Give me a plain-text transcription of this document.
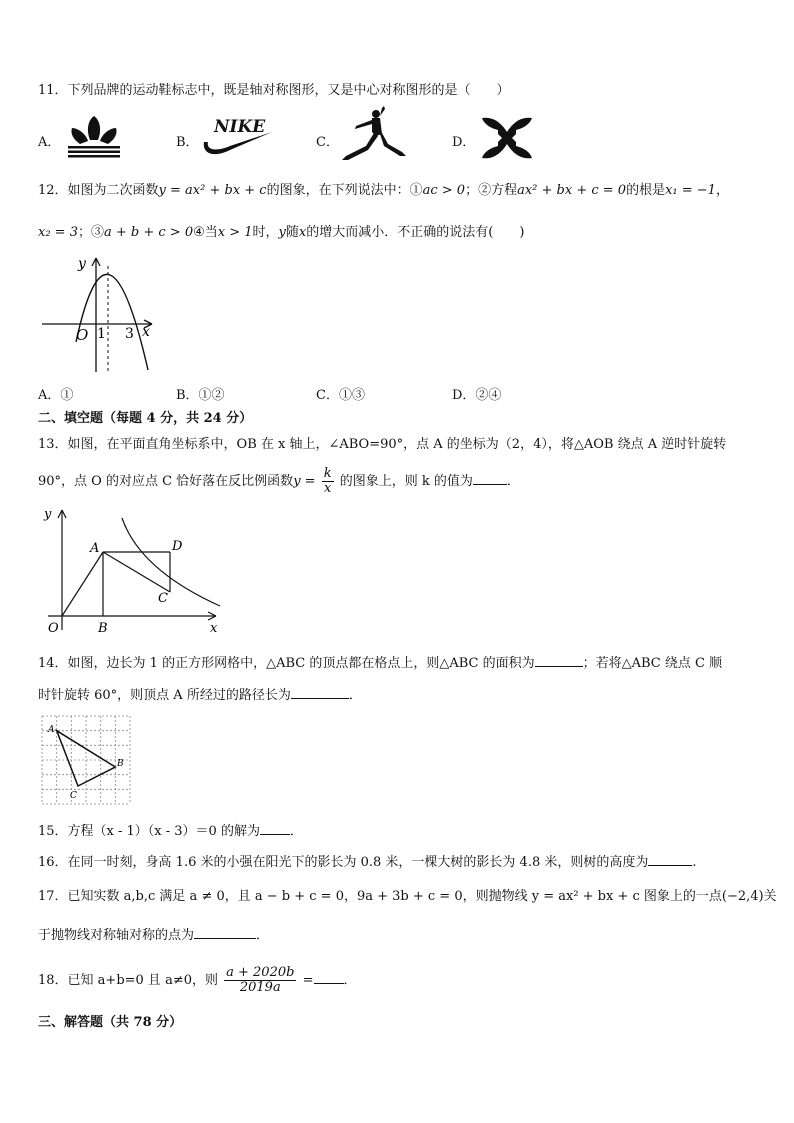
11．下列品牌的运动鞋标志中，既是轴对称图形，又是中心对称图形的是（　　）
A．	B．
NIKE
C．	D．
12．如图为二次函数y = ax² + bx + c的图象，在下列说法中：①ac > 0；②方程ax² + bx + c = 0的根是x₁ = −1，
x₂ = 3；③a + b + c > 0④当x > 1时，y随x的增大而减小．不正确的说法有(　　)
y
x
O 1 3
A．①	B．①②	C．①③	D．②④
二、填空题（每题 4 分，共 24 分）
13．如图，在平面直角坐标系中，OB 在 x 轴上，∠ABO=90°，点 A 的坐标为（2，4），将△AOB 绕点 A 逆时针旋转
90°，点 O 的对应点 C 恰好落在反比例函数$y = \frac{k}{x}$ 的图象上，则 k 的值为	．
y
x
O
A
B
C
D
14．如图，边长为 1 的正方形网格中，△ABC 的顶点都在格点上，则△ABC 的面积为	；若将△ABC 绕点 C 顺
时针旋转 60°，则顶点 A 所经过的路径长为	．
A
B
C
15．方程（x - 1）（x - 3）＝0 的解为 ．
16．在同一时刻，身高 1.6 米的小强在阳光下的影长为 0.8 米，一棵大树的影长为 4.8 米，则树的高度为	.
17．已知实数 a,b,c 满足 a ≠ 0，且 a − b + c = 0，9a + 3b + c = 0，则抛物线 y = ax² + bx + c 图象上的一点(−2,4)关
于抛物线对称轴对称的点为	．
18．已知 a+b=0 且 a≠0，则 $\frac{a + 2020b}{2019a}$ = ．
三、解答题（共 78 分）
